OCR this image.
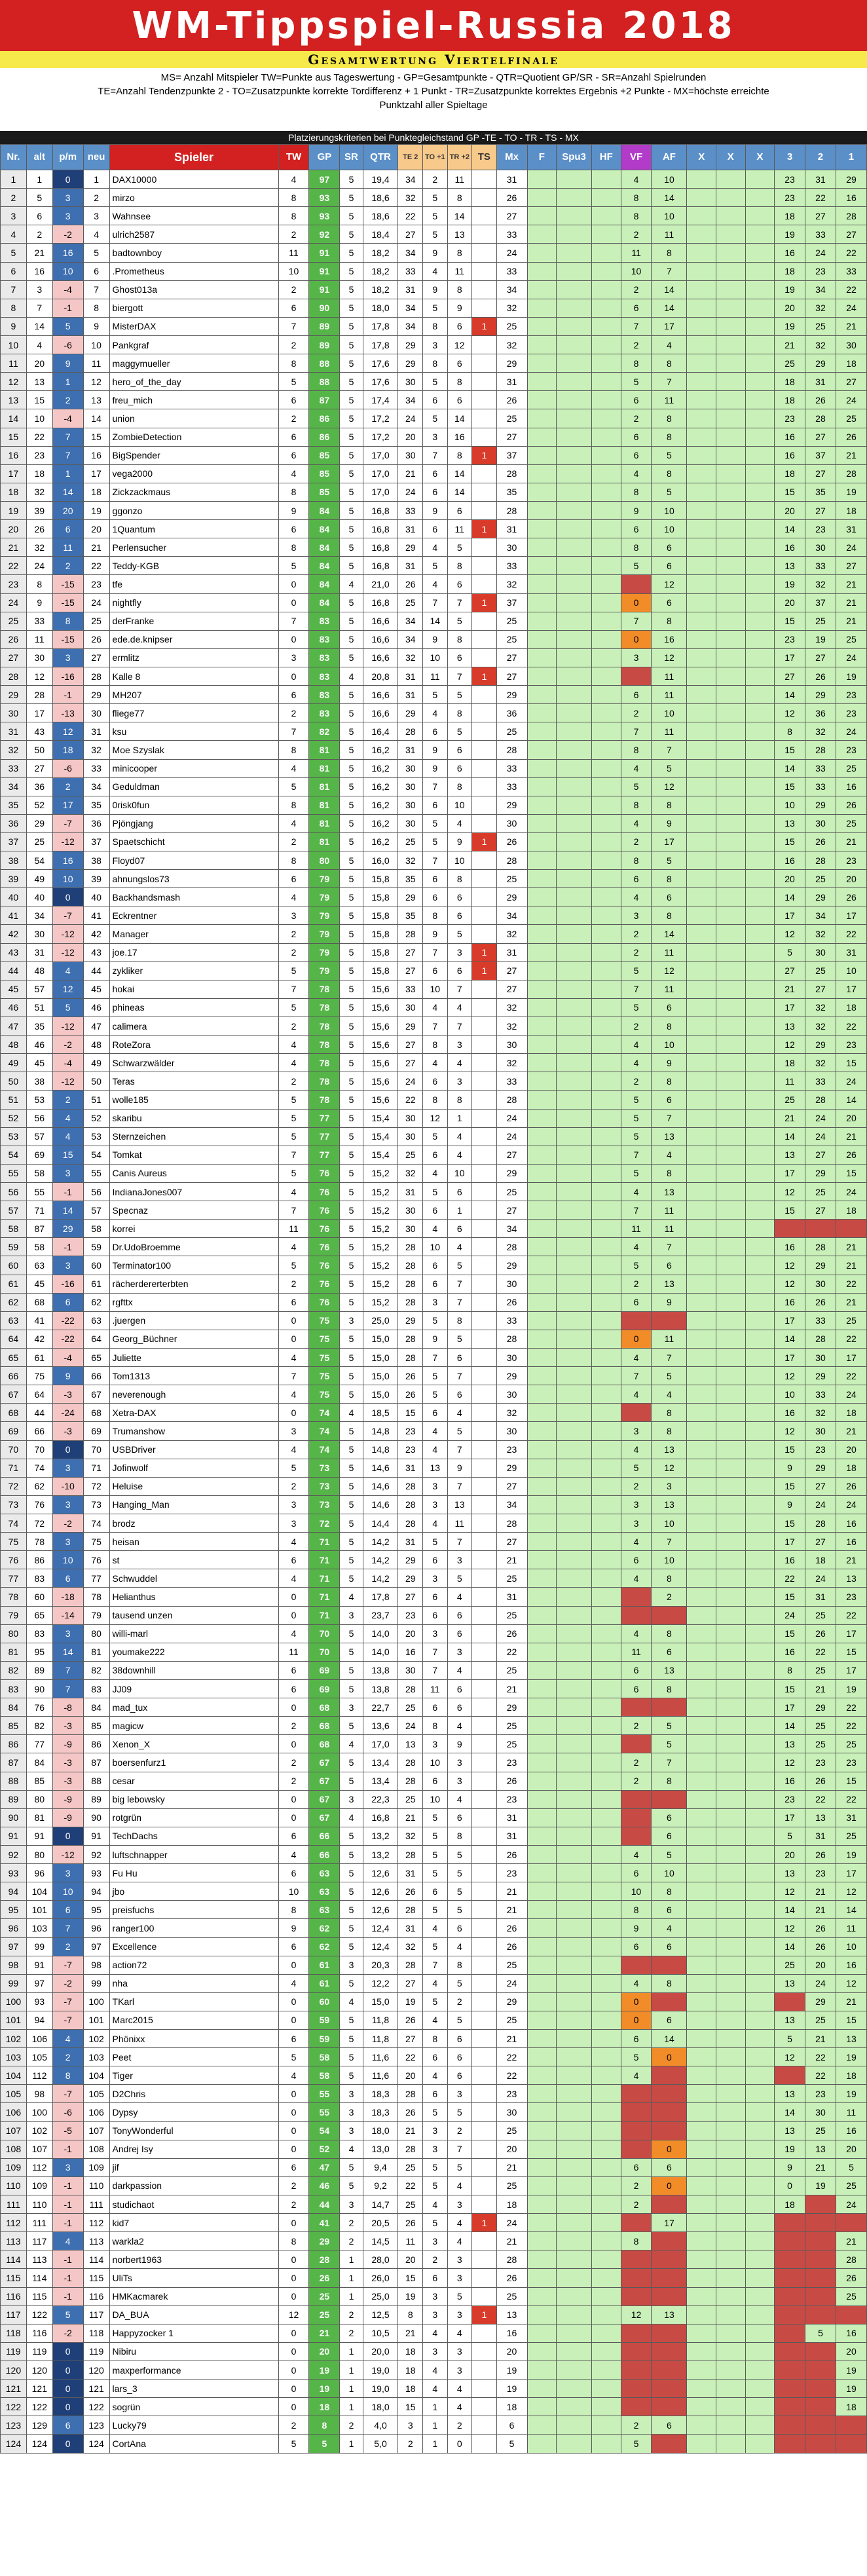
WM-Tippspiel-Russia 2018
Gesamtwertung Viertelfinale
MS= Anzahl Mitspieler TW=Punkte aus Tageswertung - GP=Gesamtpunkte - QTR=Quotient GP/SR - SR=Anzahl Spielrunden
TE=Anzahl Tendenzpunkte 2 - TO=Zusatzpunkte korrekte Tordifferenz + 1 Punkt - TR=Zusatzpunkte korrektes Ergebnis +2 Punkte - MX=höchste erreichte
Punktzahl aller Spieltage
Platzierungskriterien bei Punktegleichstand GP -TE - TO - TR - TS - MX
Nr.	alt	p/m	neu	Spieler	TW	GP	SR	QTR	TE 2	TO +1	TR +2	TS	Mx	F	Spu3	HF	VF	AF	X	X	X	3	2	1
1	1	0	1	DAX10000	4	97	5	19,4	34	2	11		31				4	10				23	31	29
2	5	3	2	mirzo	8	93	5	18,6	32	5	8		26				8	14				23	22	16
3	6	3	3	Wahnsee	8	93	5	18,6	22	5	14		27				8	10				18	27	28
4	2	-2	4	ulrich2587	2	92	5	18,4	27	5	13		33				2	11				19	33	27
5	21	16	5	badtownboy	11	91	5	18,2	34	9	8		24				11	8				16	24	22
6	16	10	6	.Prometheus	10	91	5	18,2	33	4	11		33				10	7				18	23	33
7	3	-4	7	Ghost013a	2	91	5	18,2	31	9	8		34				2	14				19	34	22
8	7	-1	8	biergott	6	90	5	18,0	34	5	9		32				6	14				20	32	24
9	14	5	9	MisterDAX	7	89	5	17,8	34	8	6	1	25				7	17				19	25	21
10	4	-6	10	Pankgraf	2	89	5	17,8	29	3	12		32				2	4				21	32	30
11	20	9	11	maggymueller	8	88	5	17,6	29	8	6		29				8	8				25	29	18
12	13	1	12	hero_of_the_day	5	88	5	17,6	30	5	8		31				5	7				18	31	27
13	15	2	13	freu_mich	6	87	5	17,4	34	6	6		26				6	11				18	26	24
14	10	-4	14	union	2	86	5	17,2	24	5	14		25				2	8				23	28	25
15	22	7	15	ZombieDetection	6	86	5	17,2	20	3	16		27				6	8				16	27	26
16	23	7	16	BigSpender	6	85	5	17,0	30	7	8	1	37				6	5				16	37	21
17	18	1	17	vega2000	4	85	5	17,0	21	6	14		28				4	8				18	27	28
18	32	14	18	Zickzackmaus	8	85	5	17,0	24	6	14		35				8	5				15	35	19
19	39	20	19	ggonzo	9	84	5	16,8	33	9	6		28				9	10				20	27	18
20	26	6	20	1Quantum	6	84	5	16,8	31	6	11	1	31				6	10				14	23	31
21	32	11	21	Perlensucher	8	84	5	16,8	29	4	5		30				8	6				16	30	24
22	24	2	22	Teddy-KGB	5	84	5	16,8	31	5	8		33				5	6				13	33	27
23	8	-15	23	tfe	0	84	4	21,0	26	4	6		32					12				19	32	21
24	9	-15	24	nightfly	0	84	5	16,8	25	7	7	1	37				0	6				20	37	21
25	33	8	25	derFranke	7	83	5	16,6	34	14	5		25				7	8				15	25	21
26	11	-15	26	ede.de.knipser	0	83	5	16,6	34	9	8		25				0	16				23	19	25
27	30	3	27	ermlitz	3	83	5	16,6	32	10	6		27				3	12				17	27	24
28	12	-16	28	Kalle 8	0	83	4	20,8	31	11	7	1	27					11				27	26	19
29	28	-1	29	MH207	6	83	5	16,6	31	5	5		29				6	11				14	29	23
30	17	-13	30	fliege77	2	83	5	16,6	29	4	8		36				2	10				12	36	23
31	43	12	31	ksu	7	82	5	16,4	28	6	5		25				7	11				8	32	24
32	50	18	32	Moe Szyslak	8	81	5	16,2	31	9	6		28				8	7				15	28	23
33	27	-6	33	minicooper	4	81	5	16,2	30	9	6		33				4	5				14	33	25
34	36	2	34	Geduldman	5	81	5	16,2	30	7	8		33				5	12				15	33	16
35	52	17	35	0risk0fun	8	81	5	16,2	30	6	10		29				8	8				10	29	26
36	29	-7	36	Pjöngjang	4	81	5	16,2	30	5	4		30				4	9				13	30	25
37	25	-12	37	Spaetschicht	2	81	5	16,2	25	5	9	1	26				2	17				15	26	21
38	54	16	38	Floyd07	8	80	5	16,0	32	7	10		28				8	5				16	28	23
39	49	10	39	ahnungslos73	6	79	5	15,8	35	6	8		25				6	8				20	25	20
40	40	0	40	Backhandsmash	4	79	5	15,8	29	6	6		29				4	6				14	29	26
41	34	-7	41	Eckrentner	3	79	5	15,8	35	8	6		34				3	8				17	34	17
42	30	-12	42	Manager	2	79	5	15,8	28	9	5		32				2	14				12	32	22
43	31	-12	43	joe.17	2	79	5	15,8	27	7	3	1	31				2	11				5	30	31
44	48	4	44	zykliker	5	79	5	15,8	27	6	6	1	27				5	12				27	25	10
45	57	12	45	hokai	7	78	5	15,6	33	10	7		27				7	11				21	27	17
46	51	5	46	phineas	5	78	5	15,6	30	4	4		32				5	6				17	32	18
47	35	-12	47	calimera	2	78	5	15,6	29	7	7		32				2	8				13	32	22
48	46	-2	48	RoteZora	4	78	5	15,6	27	8	3		30				4	10				12	29	23
49	45	-4	49	Schwarzwälder	4	78	5	15,6	27	4	4		32				4	9				18	32	15
50	38	-12	50	Teras	2	78	5	15,6	24	6	3		33				2	8				11	33	24
51	53	2	51	wolle185	5	78	5	15,6	22	8	8		28				5	6				25	28	14
52	56	4	52	skaribu	5	77	5	15,4	30	12	1		24				5	7				21	24	20
53	57	4	53	Sternzeichen	5	77	5	15,4	30	5	4		24				5	13				14	24	21
54	69	15	54	Tomkat	7	77	5	15,4	25	6	4		27				7	4				13	27	26
55	58	3	55	Canis Aureus	5	76	5	15,2	32	4	10		29				5	8				17	29	15
56	55	-1	56	IndianaJones007	4	76	5	15,2	31	5	6		25				4	13				12	25	24
57	71	14	57	Specnaz	7	76	5	15,2	30	6	1		27				7	11				15	27	18
58	87	29	58	korrei	11	76	5	15,2	30	4	6		34				11	11						
59	58	-1	59	Dr.UdoBroemme	4	76	5	15,2	28	10	4		28				4	7				16	28	21
60	63	3	60	Terminator100	5	76	5	15,2	28	6	5		29				5	6				12	29	21
61	45	-16	61	rächerdererterbten	2	76	5	15,2	28	6	7		30				2	13				12	30	22
62	68	6	62	rgfttx	6	76	5	15,2	28	3	7		26				6	9				16	26	21
63	41	-22	63	.juergen	0	75	3	25,0	29	5	8		33									17	33	25
64	42	-22	64	Georg_Büchner	0	75	5	15,0	28	9	5		28				0	11				14	28	22
65	61	-4	65	Juliette	4	75	5	15,0	28	7	6		30				4	7				17	30	17
66	75	9	66	Tom1313	7	75	5	15,0	26	5	7		29				7	5				12	29	22
67	64	-3	67	neverenough	4	75	5	15,0	26	5	6		30				4	4				10	33	24
68	44	-24	68	Xetra-DAX	0	74	4	18,5	15	6	4		32					8				16	32	18
69	66	-3	69	Trumanshow	3	74	5	14,8	23	4	5		30				3	8				12	30	21
70	70	0	70	USBDriver	4	74	5	14,8	23	4	7		23				4	13				15	23	20
71	74	3	71	Jofinwolf	5	73	5	14,6	31	13	9		29				5	12				9	29	18
72	62	-10	72	Heluise	2	73	5	14,6	28	3	7		27				2	3				15	27	26
73	76	3	73	Hanging_Man	3	73	5	14,6	28	3	13		34				3	13				9	24	24
74	72	-2	74	brodz	3	72	5	14,4	28	4	11		28				3	10				15	28	16
75	78	3	75	heisan	4	71	5	14,2	31	5	7		27				4	7				17	27	16
76	86	10	76	st	6	71	5	14,2	29	6	3		21				6	10				16	18	21
77	83	6	77	Schwuddel	4	71	5	14,2	29	3	5		25				4	8				22	24	13
78	60	-18	78	Helianthus	0	71	4	17,8	27	6	4		31					2				15	31	23
79	65	-14	79	tausend unzen	0	71	3	23,7	23	6	6		25									24	25	22
80	83	3	80	willi-marl	4	70	5	14,0	20	3	6		26				4	8				15	26	17
81	95	14	81	youmake222	11	70	5	14,0	16	7	3		22				11	6				16	22	15
82	89	7	82	38downhill	6	69	5	13,8	30	7	4		25				6	13				8	25	17
83	90	7	83	JJ09	6	69	5	13,8	28	11	6		21				6	8				15	21	19
84	76	-8	84	mad_tux	0	68	3	22,7	25	6	6		29									17	29	22
85	82	-3	85	magicw	2	68	5	13,6	24	8	4		25				2	5				14	25	22
86	77	-9	86	Xenon_X	0	68	4	17,0	13	3	9		25					5				13	25	25
87	84	-3	87	boersenfurz1	2	67	5	13,4	28	10	3		23				2	7				12	23	23
88	85	-3	88	cesar	2	67	5	13,4	28	6	3		26				2	8				16	26	15
89	80	-9	89	big lebowsky	0	67	3	22,3	25	10	4		23									23	22	22
90	81	-9	90	rotgrün	0	67	4	16,8	21	5	6		31					6				17	13	31
91	91	0	91	TechDachs	6	66	5	13,2	32	5	8		31					6				5	31	25
92	80	-12	92	luftschnapper	4	66	5	13,2	28	5	5		26				4	5				20	26	19
93	96	3	93	Fu Hu	6	63	5	12,6	31	5	5		23				6	10				13	23	17
94	104	10	94	jbo	10	63	5	12,6	26	6	5		21				10	8				12	21	12
95	101	6	95	preisfuchs	8	63	5	12,6	28	5	5		21				8	6				14	21	14
96	103	7	96	ranger100	9	62	5	12,4	31	4	6		26				9	4				12	26	11
97	99	2	97	Excellence	6	62	5	12,4	32	5	4		26				6	6				14	26	10
98	91	-7	98	action72	0	61	3	20,3	28	7	8		25									25	20	16
99	97	-2	99	nha	4	61	5	12,2	27	4	5		24				4	8				13	24	12
100	93	-7	100	TKarl	0	60	4	15,0	19	5	2		29				0						29	21
101	94	-7	101	Marc2015	0	59	5	11,8	26	4	5		25				0	6				13	25	15
102	106	4	102	Phönixx	6	59	5	11,8	27	8	6		21				6	14				5	21	13
103	105	2	103	Peet	5	58	5	11,6	22	6	6		22				5	0				12	22	19
104	112	8	104	Tiger	4	58	5	11,6	20	4	6		22				4						22	18
105	98	-7	105	D2Chris	0	55	3	18,3	28	6	3		23									13	23	19
106	100	-6	106	Dypsy	0	55	3	18,3	26	5	5		30									14	30	11
107	102	-5	107	TonyWonderful	0	54	3	18,0	21	3	2		25									13	25	16
108	107	-1	108	Andrej Isy	0	52	4	13,0	28	3	7		20					0				19	13	20
109	112	3	109	jif	6	47	5	9,4	25	5	5		21				6	6				9	21	5
110	109	-1	110	darkpassion	2	46	5	9,2	22	5	4		25				2	0				0	19	25
111	110	-1	111	studichaot	2	44	3	14,7	25	4	3		18				2					18		24
112	111	-1	112	kid7	0	41	2	20,5	26	5	4	1	24					17						
113	117	4	113	warkla2	8	29	2	14,5	11	3	4		21				8							21
114	113	-1	114	norbert1963	0	28	1	28,0	20	2	3		28											28
115	114	-1	115	UliTs	0	26	1	26,0	15	6	3		26											26
116	115	-1	116	HMKacmarek	0	25	1	25,0	19	3	5		25											25
117	122	5	117	DA_BUA	12	25	2	12,5	8	3	3	1	13				12	13						
118	116	-2	118	Happyzocker 1	0	21	2	10,5	21	4	4		16										5	16
119	119	0	119	Nibiru	0	20	1	20,0	18	3	3		20											20
120	120	0	120	maxperformance	0	19	1	19,0	18	4	3		19											19
121	121	0	121	lars_3	0	19	1	19,0	18	4	4		19											19
122	122	0	122	sogrün	0	18	1	18,0	15	1	4		18											18
123	129	6	123	Lucky79	2	8	2	4,0	3	1	2		6				2	6						
124	124	0	124	CortAna	5	5	1	5,0	2	1	0		5				5							
